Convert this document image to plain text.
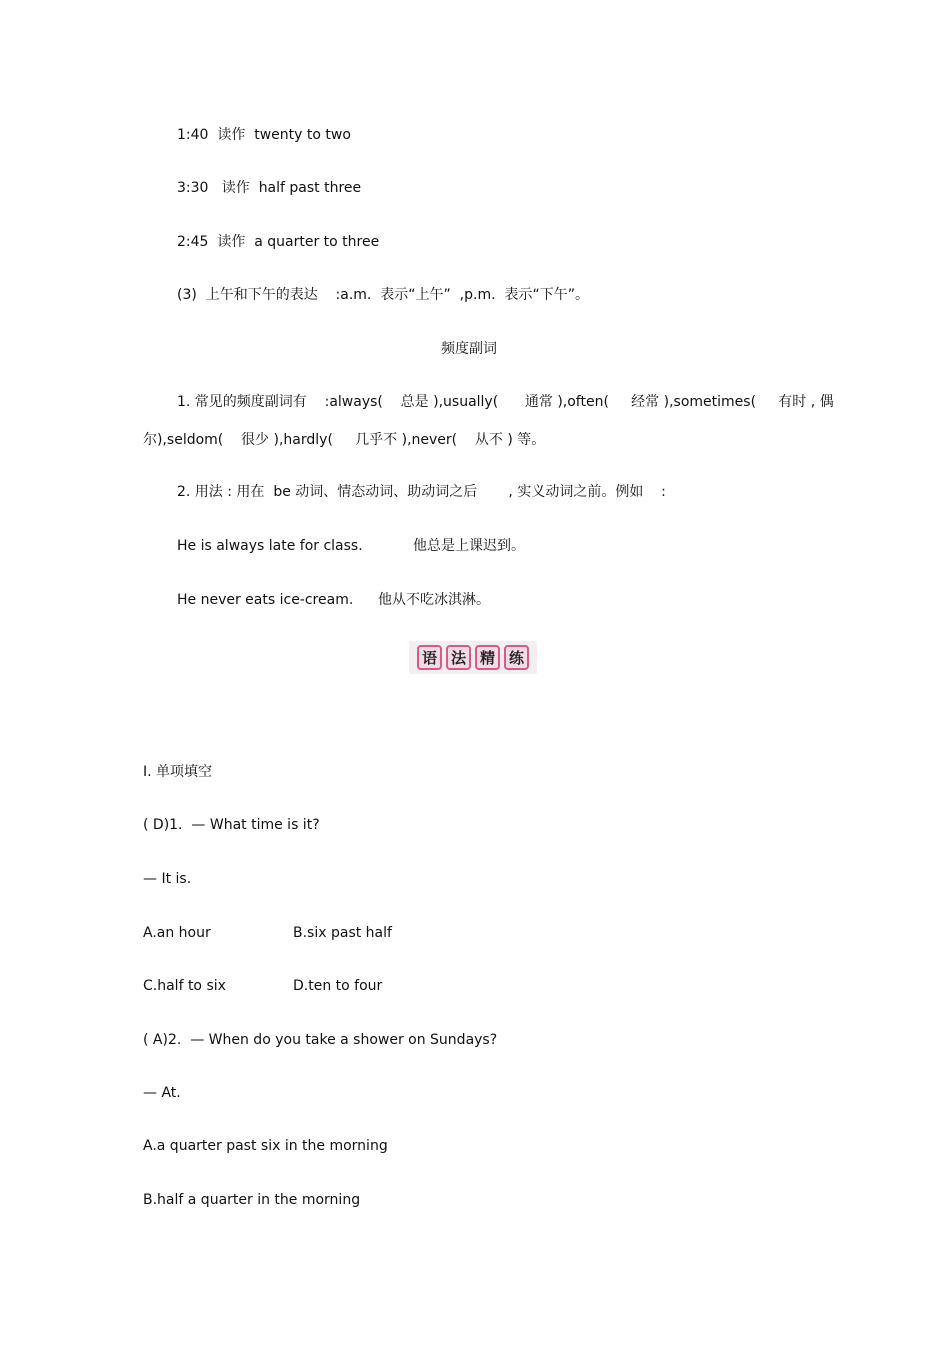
1:40  读作  twenty to two
3:30   读作  half past three
2:45  读作  a quarter to three
(3)  上午和下午的表达    :a.m.  表示“上午”  ,p.m.  表示“下午”。
频度副词
1. 常见的频度副词有    :always(    总是 ),usually(      通常 ),often(     经常 ),sometimes(     有时 , 偶
尔),seldom(    很少 ),hardly(     几乎不 ),never(    从不 ) 等。
2. 用法 : 用在  be 动词、情态动词、助动词之后       , 实义动词之前。例如    :
He is always late for class.	他总是上课迟到。
He never eats ice-cream. 他从不吃冰淇淋。
语 法 精 练
Ⅰ. 单项填空
( D)1.  — What time is it?
— It is.
A.an hour	B.six past half
C.half to six	D.ten to four
( A)2.  — When do you take a shower on Sundays?
— At.
A.a quarter past six in the morning
B.half a quarter in the morning
